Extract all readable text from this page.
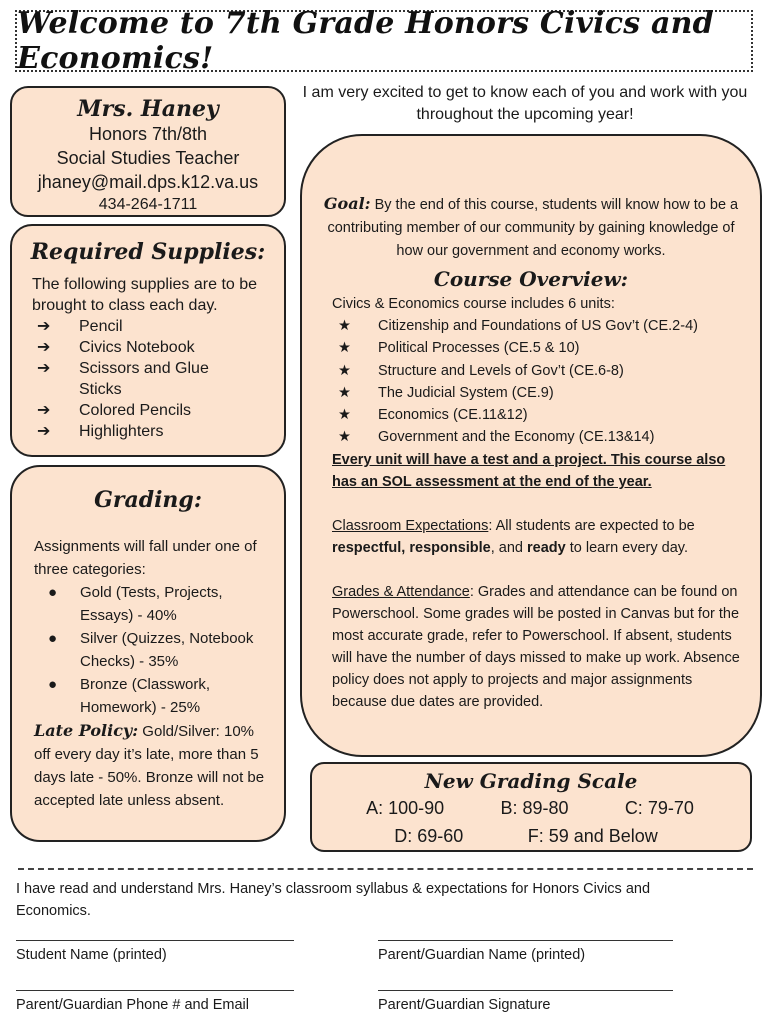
Welcome to 7th Grade Honors Civics and Economics!
Mrs. Haney
Honors 7th/8th
Social Studies Teacher
jhaney@mail.dps.k12.va.us
434-264-1711
I am very excited to get to know each of you and work with you throughout the upcoming year!
Required Supplies:
The following supplies are to be brought to class each day.
➔	Pencil
➔	Civics Notebook
➔	Scissors and Glue Sticks
➔	Colored Pencils
➔	Highlighters
Grading:
Assignments will fall under one of three categories:
●	Gold (Tests, Projects, Essays) - 40%
●	Silver (Quizzes, Notebook Checks) - 35%
●	Bronze (Classwork, Homework) - 25%
Late Policy: Gold/Silver: 10% off every day it’s late, more than 5 days late - 50%. Bronze will not be accepted late unless absent.
Goal: By the end of this course, students will know how to be a contributing member of our community by gaining knowledge of how our government and economy works.
Course Overview:
Civics & Economics course includes 6 units:
★	Citizenship and Foundations of US Gov’t (CE.2-4)
★	Political Processes (CE.5 & 10)
★	Structure and Levels of Gov’t (CE.6-8)
★	The Judicial System (CE.9)
★	Economics (CE.11&12)
★	Government and the Economy (CE.13&14)
Every unit will have a test and a project. This course also has an SOL assessment at the end of the year.
Classroom Expectations: All students are expected to be respectful, responsible, and ready to learn every day.
Grades & Attendance: Grades and attendance can be found on Powerschool. Some grades will be posted in Canvas but for the most accurate grade, refer to Powerschool. If absent, students will have the number of days missed to make up work. Absence policy does not apply to projects and major assignments because due dates are provided.
New Grading Scale
A: 100-90	B: 89-80	C: 79-70
D: 69-60	F: 59 and Below
I have read and understand Mrs. Haney’s classroom syllabus & expectations for Honors Civics and Economics.
Student Name (printed)	Parent/Guardian Name (printed)
Parent/Guardian Phone # and Email	Parent/Guardian Signature
